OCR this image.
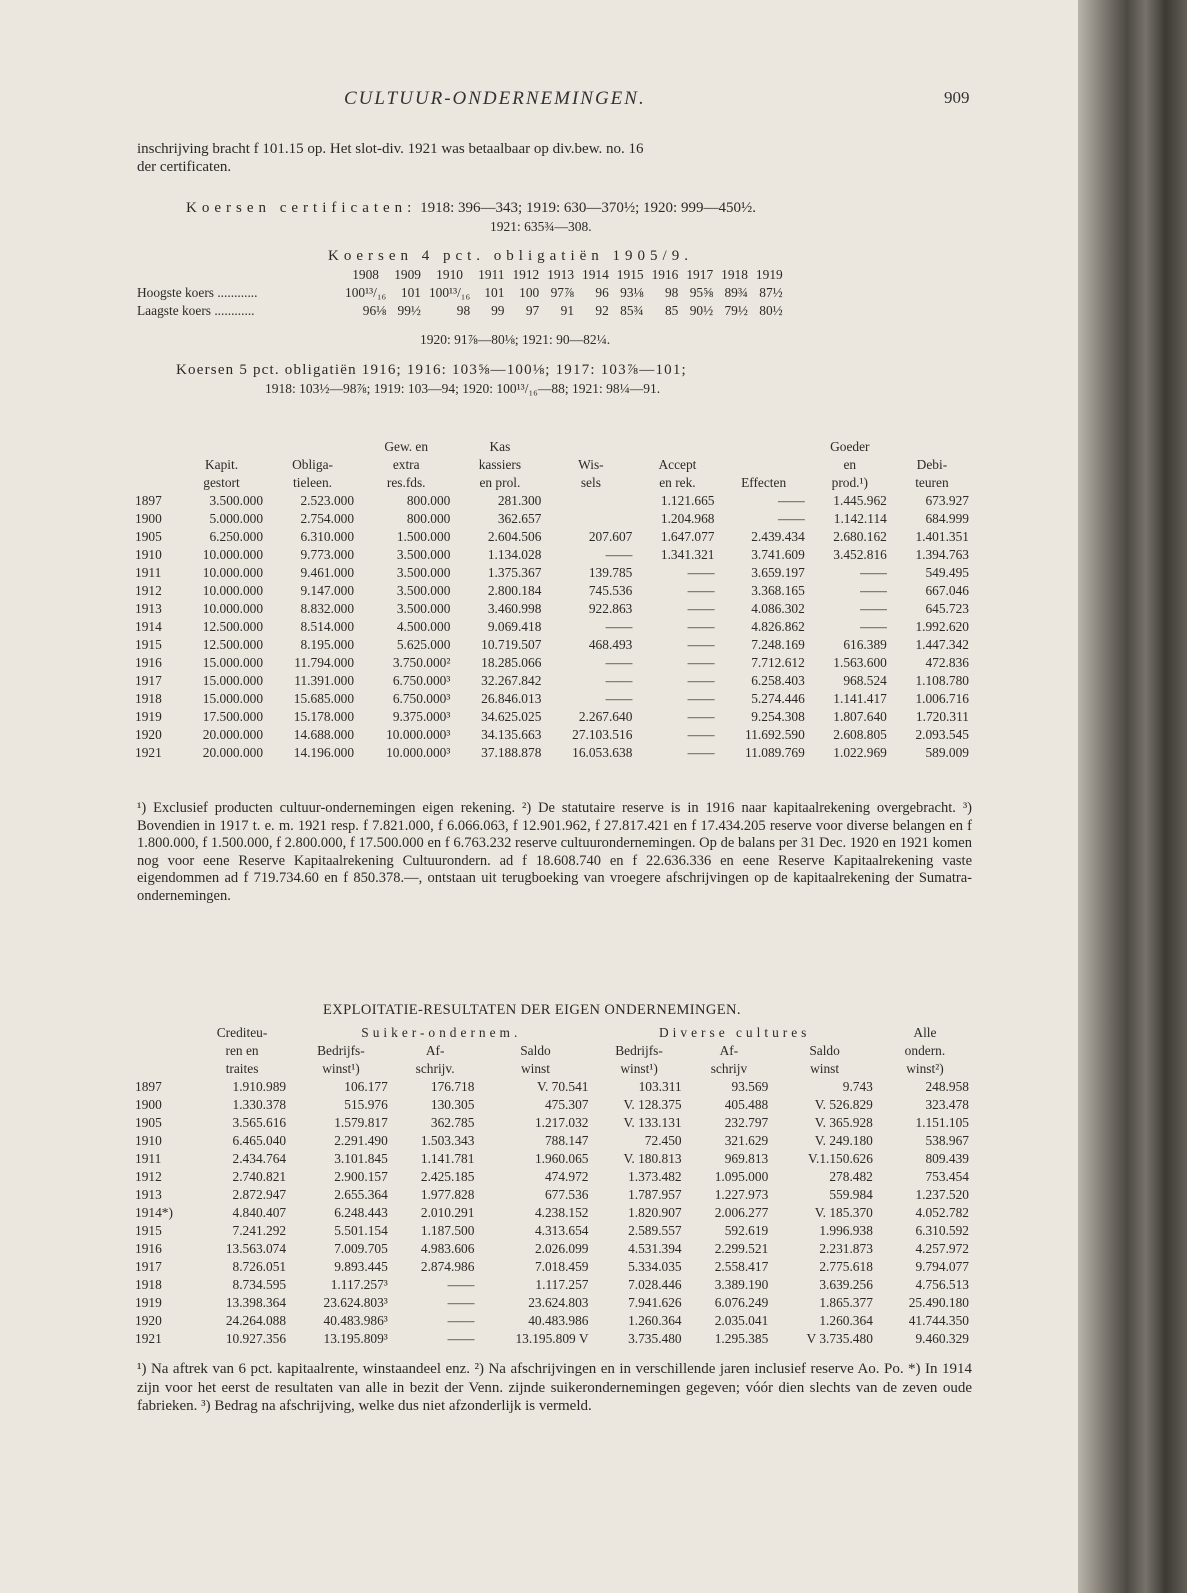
CULTUUR-ONDERNEMINGEN.	909
inschrijving bracht f 101.15 op. Het slot-div. 1921 was betaalbaar op div.bew. no. 16
der certificaten.
Koersen certificaten: 1918: 396—343; 1919: 630—370½; 1920: 999—450½.
1921: 635¾—308.
Koersen 4 pct. obligatiën 1905/9.
	1908	1909	1910	1911	1912	1913	1914	1915	1916	1917	1918	1919
Hoogste koers ............	100¹³/₁₆	101	100¹³/₁₆	101	100	97⅞	96	93⅛	98	95⅝	89¾	87½
Laagste koers ............	96⅛	99½	98	99	97	91	92	85¾	85	90½	79½	80½
1920: 91⅞—80⅛; 1921: 90—82¼.
Koersen 5 pct. obligatiën 1916; 1916: 103⅝—100⅛; 1917: 103⅞—101;
1918: 103½—98⅞; 1919: 103—94; 1920: 100¹³/₁₆—88; 1921: 98¼—91.
			Gew. en	Kas				Goeder	
	Kapit.	Obliga-	extra	kassiers	Wis-	Accept		en	Debi-
	gestort	tieleen.	res.fds.	en prol.	sels	en rek.	Effecten	prod.¹)	teuren
1897	3.500.000	2.523.000	800.000	281.300		1.121.665	——	1.445.962	673.927
1900	5.000.000	2.754.000	800.000	362.657		1.204.968	——	1.142.114	684.999
1905	6.250.000	6.310.000	1.500.000	2.604.506	207.607	1.647.077	2.439.434	2.680.162	1.401.351
1910	10.000.000	9.773.000	3.500.000	1.134.028	——	1.341.321	3.741.609	3.452.816	1.394.763
1911	10.000.000	9.461.000	3.500.000	1.375.367	139.785	——	3.659.197	——	549.495
1912	10.000.000	9.147.000	3.500.000	2.800.184	745.536	——	3.368.165	——	667.046
1913	10.000.000	8.832.000	3.500.000	3.460.998	922.863	——	4.086.302	——	645.723
1914	12.500.000	8.514.000	4.500.000	9.069.418	——	——	4.826.862	——	1.992.620
1915	12.500.000	8.195.000	5.625.000	10.719.507	468.493	——	7.248.169	616.389	1.447.342
1916	15.000.000	11.794.000	3.750.000²	18.285.066	——	——	7.712.612	1.563.600	472.836
1917	15.000.000	11.391.000	6.750.000³	32.267.842	——	——	6.258.403	968.524	1.108.780
1918	15.000.000	15.685.000	6.750.000³	26.846.013	——	——	5.274.446	1.141.417	1.006.716
1919	17.500.000	15.178.000	9.375.000³	34.625.025	2.267.640	——	9.254.308	1.807.640	1.720.311
1920	20.000.000	14.688.000	10.000.000³	34.135.663	27.103.516	——	11.692.590	2.608.805	2.093.545
1921	20.000.000	14.196.000	10.000.000³	37.188.878	16.053.638	——	11.089.769	1.022.969	589.009
¹) Exclusief producten cultuur-ondernemingen eigen rekening. ²) De statutaire reserve is in 1916 naar kapitaalrekening overgebracht. ³) Bovendien in 1917 t. e. m. 1921 resp. f 7.821.000, f 6.066.063, f 12.901.962, f 27.817.421 en f 17.434.205 reserve voor diverse belangen en f 1.800.000, f 1.500.000, f 2.800.000, f 17.500.000 en f 6.763.232 reserve cultuurondernemingen. Op de balans per 31 Dec. 1920 en 1921 komen nog voor eene Reserve Kapitaalrekening Cultuurondern. ad f 18.608.740 en f 22.636.336 en eene Reserve Kapitaalrekening vaste eigendommen ad f 719.734.60 en f 850.378.—, ontstaan uit terugboeking van vroegere afschrijvingen op de kapitaalrekening der Sumatra-ondernemingen.
EXPLOITATIE-RESULTATEN DER EIGEN ONDERNEMINGEN.
	Crediteu-	Suiker-ondernem.			Diverse cultures			Alle
	ren en	Bedrijfs-	Af-	Saldo	Bedrijfs-	Af-	Saldo	ondern.
	traites	winst¹)	schrijv.	winst	winst¹)	schrijv	winst	winst²)
1897	1.910.989	106.177	176.718	V. 70.541	103.311	93.569	9.743	248.958
1900	1.330.378	515.976	130.305	475.307	V. 128.375	405.488	V. 526.829	323.478
1905	3.565.616	1.579.817	362.785	1.217.032	V. 133.131	232.797	V. 365.928	1.151.105
1910	6.465.040	2.291.490	1.503.343	788.147	72.450	321.629	V. 249.180	538.967
1911	2.434.764	3.101.845	1.141.781	1.960.065	V. 180.813	969.813	V.1.150.626	809.439
1912	2.740.821	2.900.157	2.425.185	474.972	1.373.482	1.095.000	278.482	753.454
1913	2.872.947	2.655.364	1.977.828	677.536	1.787.957	1.227.973	559.984	1.237.520
1914*)	4.840.407	6.248.443	2.010.291	4.238.152	1.820.907	2.006.277	V. 185.370	4.052.782
1915	7.241.292	5.501.154	1.187.500	4.313.654	2.589.557	592.619	1.996.938	6.310.592
1916	13.563.074	7.009.705	4.983.606	2.026.099	4.531.394	2.299.521	2.231.873	4.257.972
1917	8.726.051	9.893.445	2.874.986	7.018.459	5.334.035	2.558.417	2.775.618	9.794.077
1918	8.734.595	1.117.257³	——	1.117.257	7.028.446	3.389.190	3.639.256	4.756.513
1919	13.398.364	23.624.803³	——	23.624.803	7.941.626	6.076.249	1.865.377	25.490.180
1920	24.264.088	40.483.986³	——	40.483.986	1.260.364	2.035.041	1.260.364	41.744.350
1921	10.927.356	13.195.809³	——	13.195.809 V	3.735.480	1.295.385	V 3.735.480	9.460.329
¹) Na aftrek van 6 pct. kapitaalrente, winstaandeel enz. ²) Na afschrijvingen en in verschillende jaren inclusief reserve Ao. Po. *) In 1914 zijn voor het eerst de resultaten van alle in bezit der Venn. zijnde suikerondernemingen gegeven; vóór dien slechts van de zeven oude fabrieken. ³) Bedrag na afschrijving, welke dus niet afzonderlijk is vermeld.
